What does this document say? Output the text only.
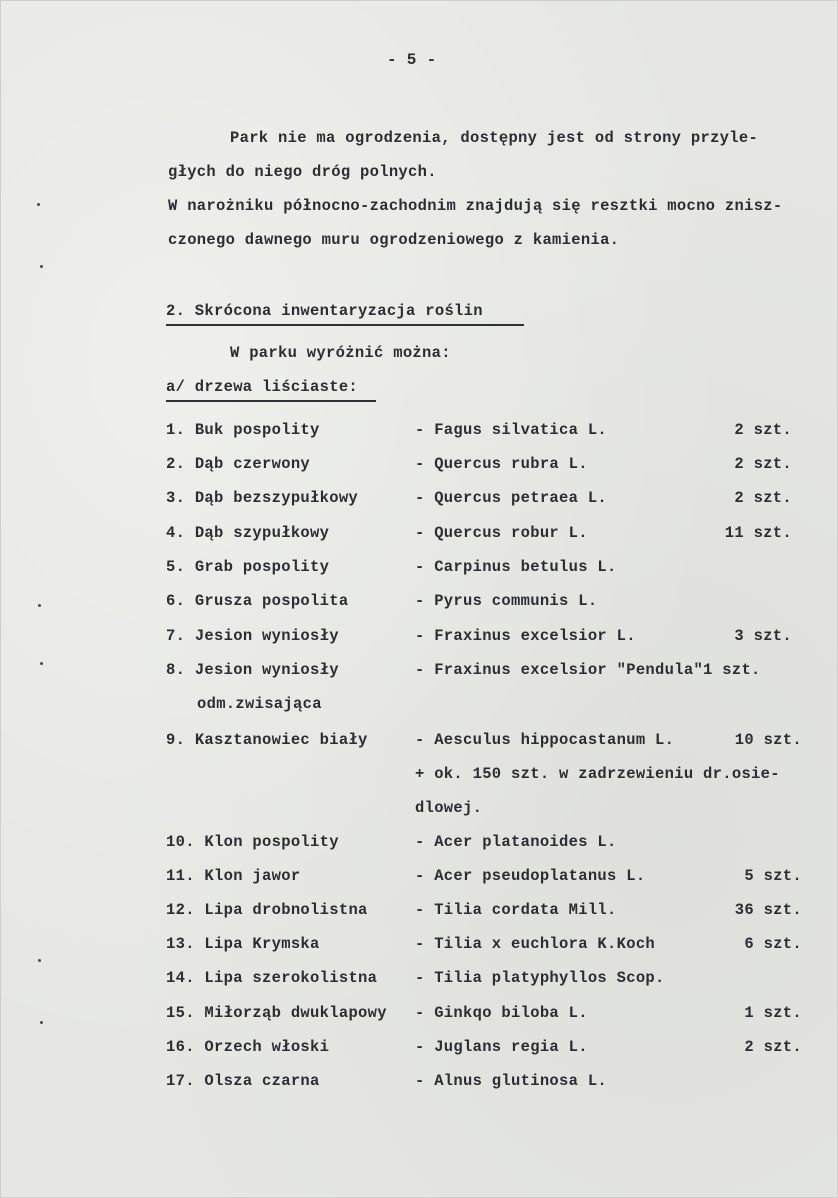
- 5 -
Park nie ma ogrodzenia, dostępny jest od strony przyle-
głych do niego dróg polnych.
W narożniku północno-zachodnim znajdują się resztki mocno znisz-
czonego dawnego muru ogrodzeniowego z kamienia.
2. Skrócona inwentaryzacja roślin
W parku wyróżnić można:
a/ drzewa liściaste:
1. Buk pospolity	- Fagus silvatica L.	2 szt.
2. Dąb czerwony	- Quercus rubra L.	2 szt.
3. Dąb bezszypułkowy	- Quercus petraea L.	2 szt.
4. Dąb szypułkowy	- Quercus robur L.	11 szt.
5. Grab pospolity	- Carpinus betulus L.
6. Grusza pospolita	- Pyrus communis L.
7. Jesion wyniosły	- Fraxinus excelsior L.	3 szt.
8. Jesion wyniosły	- Fraxinus excelsior "Pendula"1 szt.
odm.zwisająca
9. Kasztanowiec biały	- Aesculus hippocastanum L.	10 szt.
+ ok. 150 szt. w zadrzewieniu dr.osie-
dlowej.
10. Klon pospolity	- Acer platanoides L.
11. Klon jawor	- Acer pseudoplatanus L.	5 szt.
12. Lipa drobnolistna	- Tilia cordata Mill.	36 szt.
13. Lipa Krymska	- Tilia x euchlora K.Koch	6 szt.
14. Lipa szerokolistna - Tilia platyphyllos Scop.
15. Miłorząb dwuklapowy - Ginkqo biloba L.	1 szt.
16. Orzech włoski	- Juglans regia L.	2 szt.
17. Olsza czarna	- Alnus glutinosa L.
